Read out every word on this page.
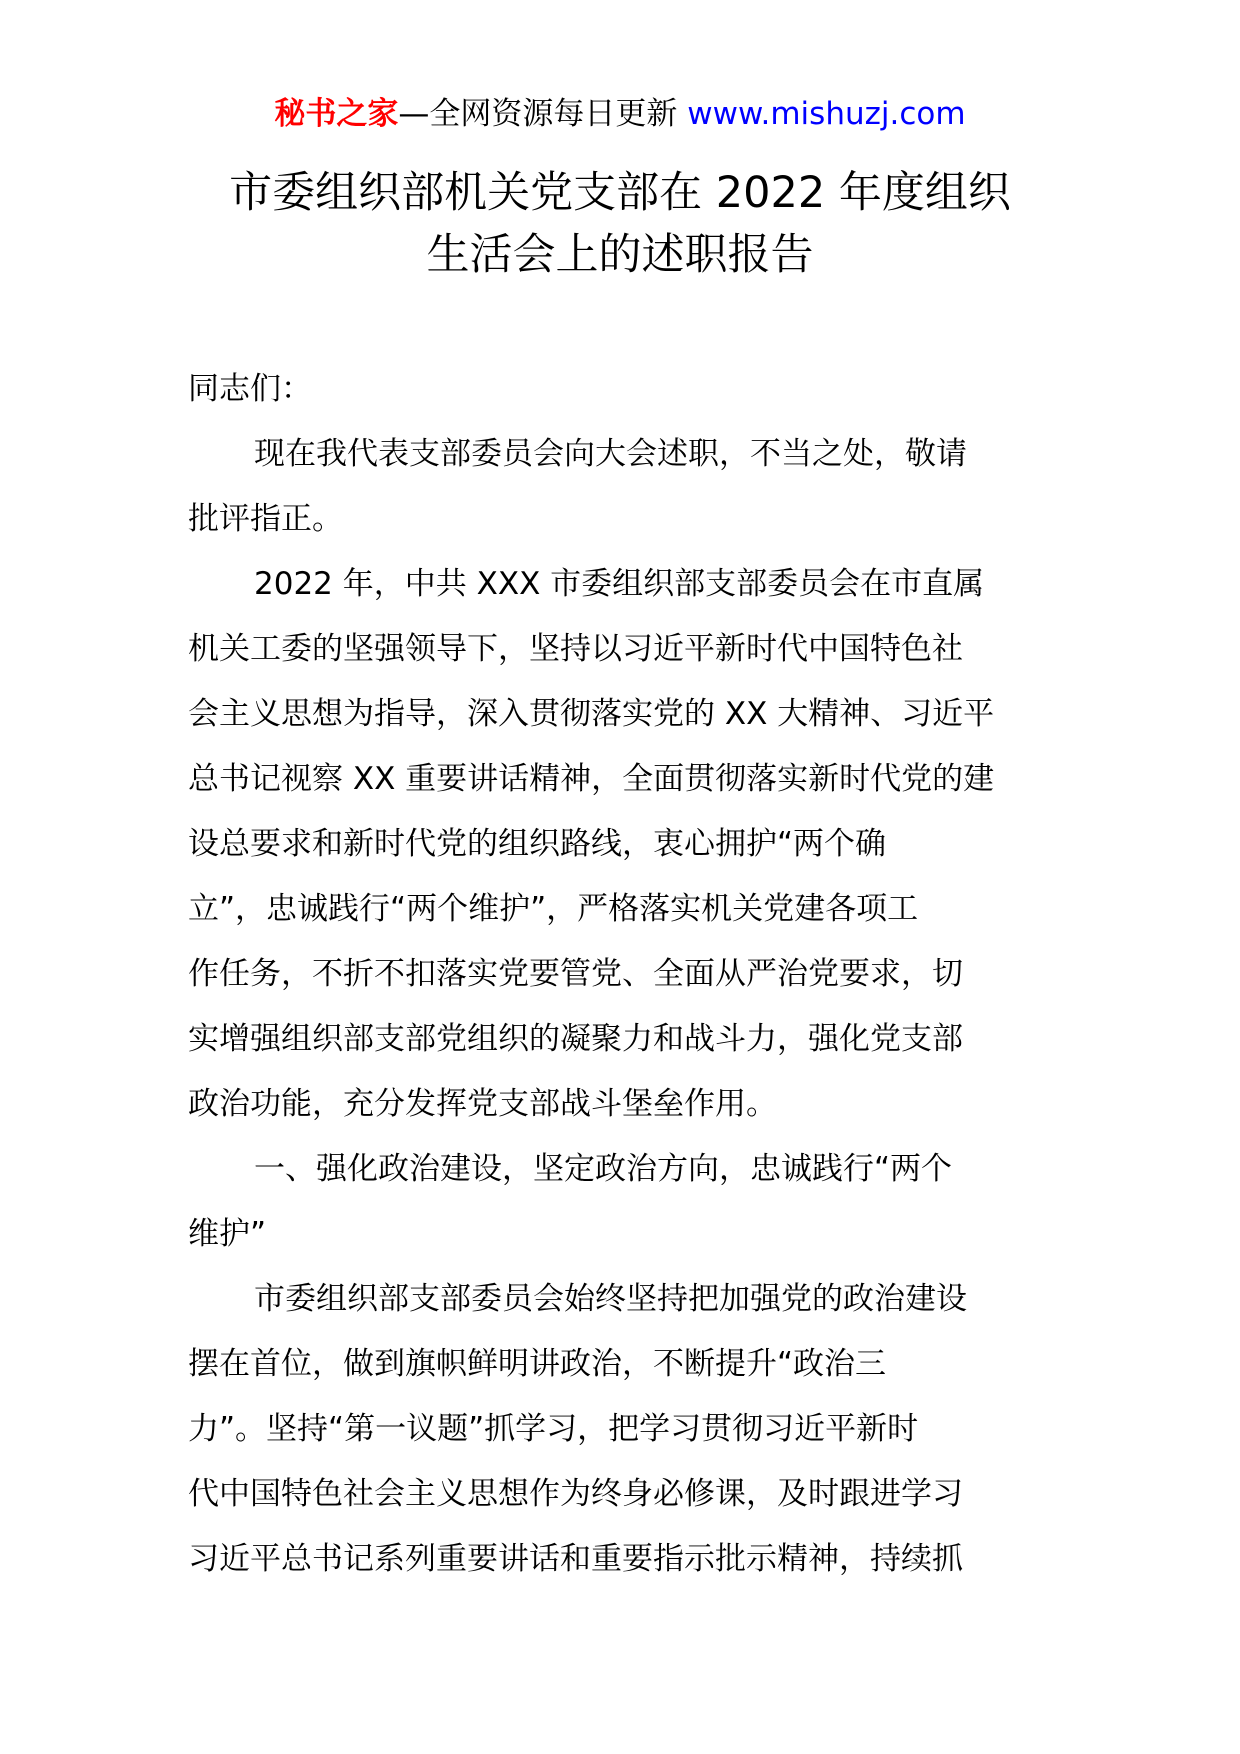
秘书之家—全网资源每日更新 www.mishuzj.com
市委组织部机关党支部在 2022 年度组织
生活会上的述职报告
同志们：
现在我代表支部委员会向大会述职，不当之处，敬请
批评指正。
2022 年，中共 XXX 市委组织部支部委员会在市直属
机关工委的坚强领导下，坚持以习近平新时代中国特色社
会主义思想为指导，深入贯彻落实党的 XX 大精神、习近平
总书记视察 XX 重要讲话精神，全面贯彻落实新时代党的建
设总要求和新时代党的组织路线，衷心拥护“两个确
立”，忠诚践行“两个维护”，严格落实机关党建各项工
作任务，不折不扣落实党要管党、全面从严治党要求，切
实增强组织部支部党组织的凝聚力和战斗力，强化党支部
政治功能，充分发挥党支部战斗堡垒作用。
一、强化政治建设，坚定政治方向，忠诚践行“两个
维护”
市委组织部支部委员会始终坚持把加强党的政治建设
摆在首位，做到旗帜鲜明讲政治，不断提升“政治三
力”。坚持“第一议题”抓学习，把学习贯彻习近平新时
代中国特色社会主义思想作为终身必修课，及时跟进学习
习近平总书记系列重要讲话和重要指示批示精神，持续抓
